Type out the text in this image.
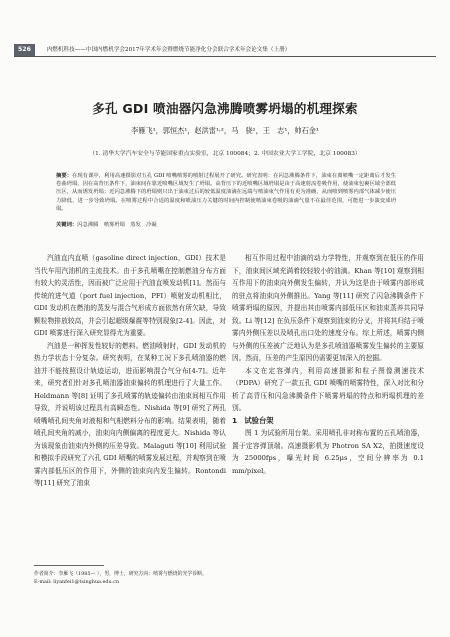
526	内燃机科技——中国内燃机学会2017年学术年会暨燃烧节能净化分会联合学术年会论文集（上册）
多孔 GDI 喷油器闪急沸腾喷雾坍塌的机理探索
李雁飞¹，郭恒杰¹，赵洪雷¹˒²，马　骁¹，王　志¹，帅石金¹
（1. 清华大学汽车安全与节能国家重点实验室，北京 100084；2. 中国农业大学工学院，北京 100083）
摘要：在现有课中，利用高速摄影对五孔 GDI 喷嘴喷雾的喷射过程展开了研究。研究表明：在闪急沸腾条件下，油束在离喷嘴一定距离后才发生卷曲坍塌，因在高背压条件下，油束间在靠近喷嘴区域发生了坍塌。高背压下的近喷嘴区域坍塌是由于高速射流卷吸作用，使油束包裹区域全部低压区，从而诱发坍塌；近闪急沸腾下的坍塌则只出于油束过后的较低温度油滴在远端与喷油束气作用有更为准确，从而喷到喷雾内部气体减少使压力降低，进一步导致坍塌。在喷雾过程中合适的温度和喷油压力关键的时间内控制使喷油束卷吸的油滴气量不在最佳范围，可能进一步演变成坍塌。
关键词：闪急沸腾　喷雾坍塌　蒸发　冷凝

汽油直内直喷（gasoline direct injection，GDI）技术是当代车用汽油机的主流技术。由于多孔喷嘴在控制燃油分布方面有较大的灵活性，因而被广泛应用于汽油直喷发动机[1]。然而与传统的进气道（port fuel injection，PFI）喷射发动机相比，GDI 发动机在燃油的蒸发与混合气形成方面依然有所欠缺，导致颗粒物排放较高，并会引起超级爆震等特别现象[2-4]。因此，对 GDI 喷雾进行深入研究显得尤为重要。

汽油是一种挥发性较好的燃料。燃油喷射时，GDI 发动机的热力学状态十分复杂。研究表明，在某种工况下多孔喷油器的燃油并不能按照设计轨迹运动，进而影响混合气分布[4-7]。近年来，研究者们针对多孔喷油器油束偏转的机理进行了大量工作。Heldmann 等[8] 证明了多孔喷雾的轨迹偏转由油束间相互作用导致，并说明该过程具有高瞬态性。Nishida 等[9] 研究了两孔喷嘴喷孔间夹角对液相和气相燃料分布的影响。结果表明，随着喷孔间夹角的减小，油束向内侧偏离的程度更大。Nishida 等认为该现象由油束内外侧的压差导致。Malaguti 等[10] 利用试验和模拟手段研究了六孔 GDI 喷嘴的喷雾发展过程，并观察到在喷雾内部低压区的作用下，外侧的油束向内发生偏转。Rontondi 等[11] 研究了油束

相互作用过程中油滴的动力学特性，并观察到在低压的作用下，油束间区域充满着较轻较小的油滴。Khan 等[10] 观察到相互作用下的油束向外侧发生偏转，并认为这是由于喷雾内部形成的驻点将油束向外侧推出。Yang 等[11] 研究了闪急沸腾条件下喷雾坍塌的原因，并提出其由喷雾内部低压区和油束蒸养共同导致。Li 等[12] 在负压条件下观察到油束的分叉，并将其归结于喷雾内外侧压差以及喷孔出口处的速度分布。综上所述，喷雾内侧与外侧的压差被广泛地认为是多孔喷油器喷雾发生偏转的主要原因。然而，压差的产生原因仍需要更加深入的挖掘。

本文在定容弹内，利用高速摄影和粒子图像测速技术（PDPA）研究了一款五孔 GDI 喷嘴的喷雾特性，深入对比和分析了高背压和闪急沸腾条件下喷雾坍塌的特点和坍塌机理的差别。

1　试验台架

图 1 为试验所用台架。采用喷孔非对称布置的五孔喷油器，置于定容弹顶端。高速摄影机为 Photron SA X2，拍摄速度设为 25000fps，曝光时间 6.25μs，空间分辨率为 0.1 mm/pixel。

作者简介：李雁飞（1985— ），男，博士，研究方向：喷雾与燃烧的光学诊断。
E-mail: liyanfei1@tsinghua.edu.cn
